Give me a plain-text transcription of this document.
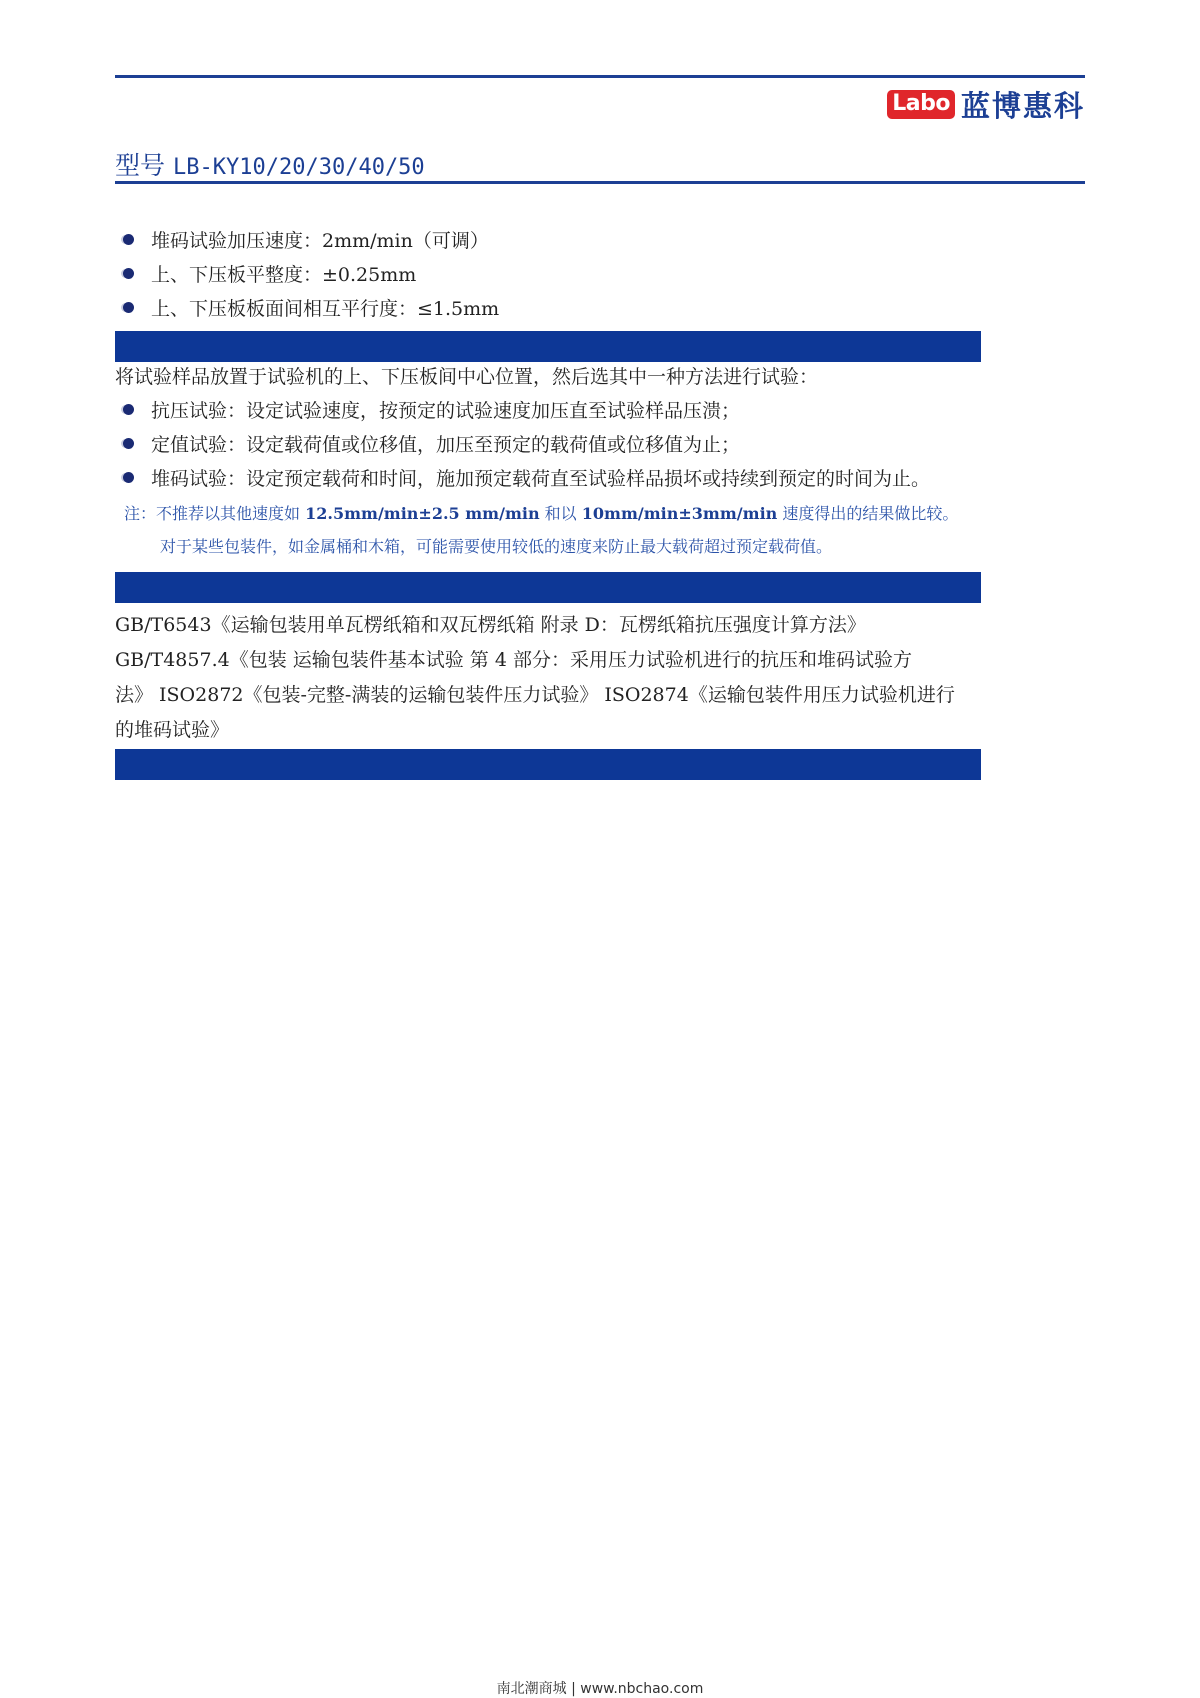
Labo 蓝博惠科
型号 LB-KY10/20/30/40/50
堆码试验加压速度：2mm/min（可调）
上、下压板平整度：±0.25mm
上、下压板板面间相互平行度：≤1.5mm
将试验样品放置于试验机的上、下压板间中心位置，然后选其中一种方法进行试验：
抗压试验：设定试验速度，按预定的试验速度加压直至试验样品压溃；
定值试验：设定载荷值或位移值，加压至预定的载荷值或位移值为止；
堆码试验：设定预定载荷和时间，施加预定载荷直至试验样品损坏或持续到预定的时间为止。
注：不推荐以其他速度如 12.5mm/min±2.5 mm/min 和以 10mm/min±3mm/min 速度得出的结果做比较。
对于某些包装件，如金属桶和木箱，可能需要使用较低的速度来防止最大载荷超过预定载荷值。
GB/T6543《运输包装用单瓦楞纸箱和双瓦楞纸箱 附录 D：瓦楞纸箱抗压强度计算方法》
GB/T4857.4《包装 运输包装件基本试验 第 4 部分：采用压力试验机进行的抗压和堆码试验方
法》 ISO2872《包装-完整-满装的运输包装件压力试验》 ISO2874《运输包装件用压力试验机进行
的堆码试验》
南北潮商城 | www.nbchao.com
